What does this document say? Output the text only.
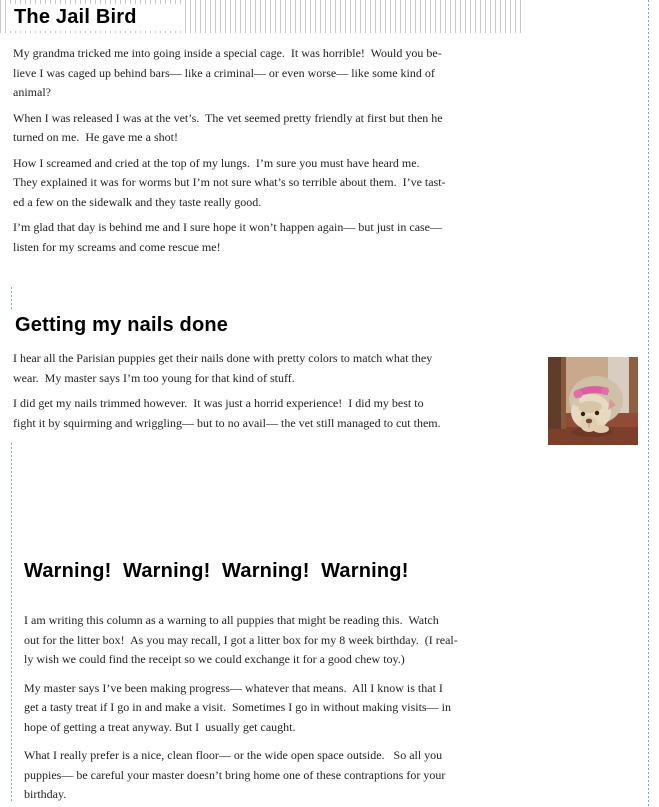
The Jail Bird
My grandma tricked me into going inside a special cage.  It was horrible!  Would you be-
lieve I was caged up behind bars— like a criminal— or even worse— like some kind of
animal?
When I was released I was at the vet’s.  The vet seemed pretty friendly at first but then he
turned on me.  He gave me a shot!
How I screamed and cried at the top of my lungs.  I’m sure you must have heard me.
They explained it was for worms but I’m not sure what’s so terrible about them.  I’ve tast-
ed a few on the sidewalk and they taste really good.
I’m glad that day is behind me and I sure hope it won’t happen again— but just in case—
listen for my screams and come rescue me!
Getting my nails done
I hear all the Parisian puppies get their nails done with pretty colors to match what they
wear.  My master says I’m too young for that kind of stuff.
I did get my nails trimmed however.  It was just a horrid experience!  I did my best to
fight it by squirming and wriggling— but to no avail— the vet still managed to cut them.
Warning!  Warning!  Warning!  Warning!
I am writing this column as a warning to all puppies that might be reading this.  Watch
out for the litter box!  As you may recall, I got a litter box for my 8 week birthday.  (I real-
ly wish we could find the receipt so we could exchange it for a good chew toy.)
My master says I’ve been making progress— whatever that means.  All I know is that I
get a tasty treat if I go in and make a visit.  Sometimes I go in without making visits— in
hope of getting a treat anyway. But I  usually get caught.
What I really prefer is a nice, clean floor— or the wide open space outside.   So all you
puppies— be careful your master doesn’t bring home one of these contraptions for your
birthday.
